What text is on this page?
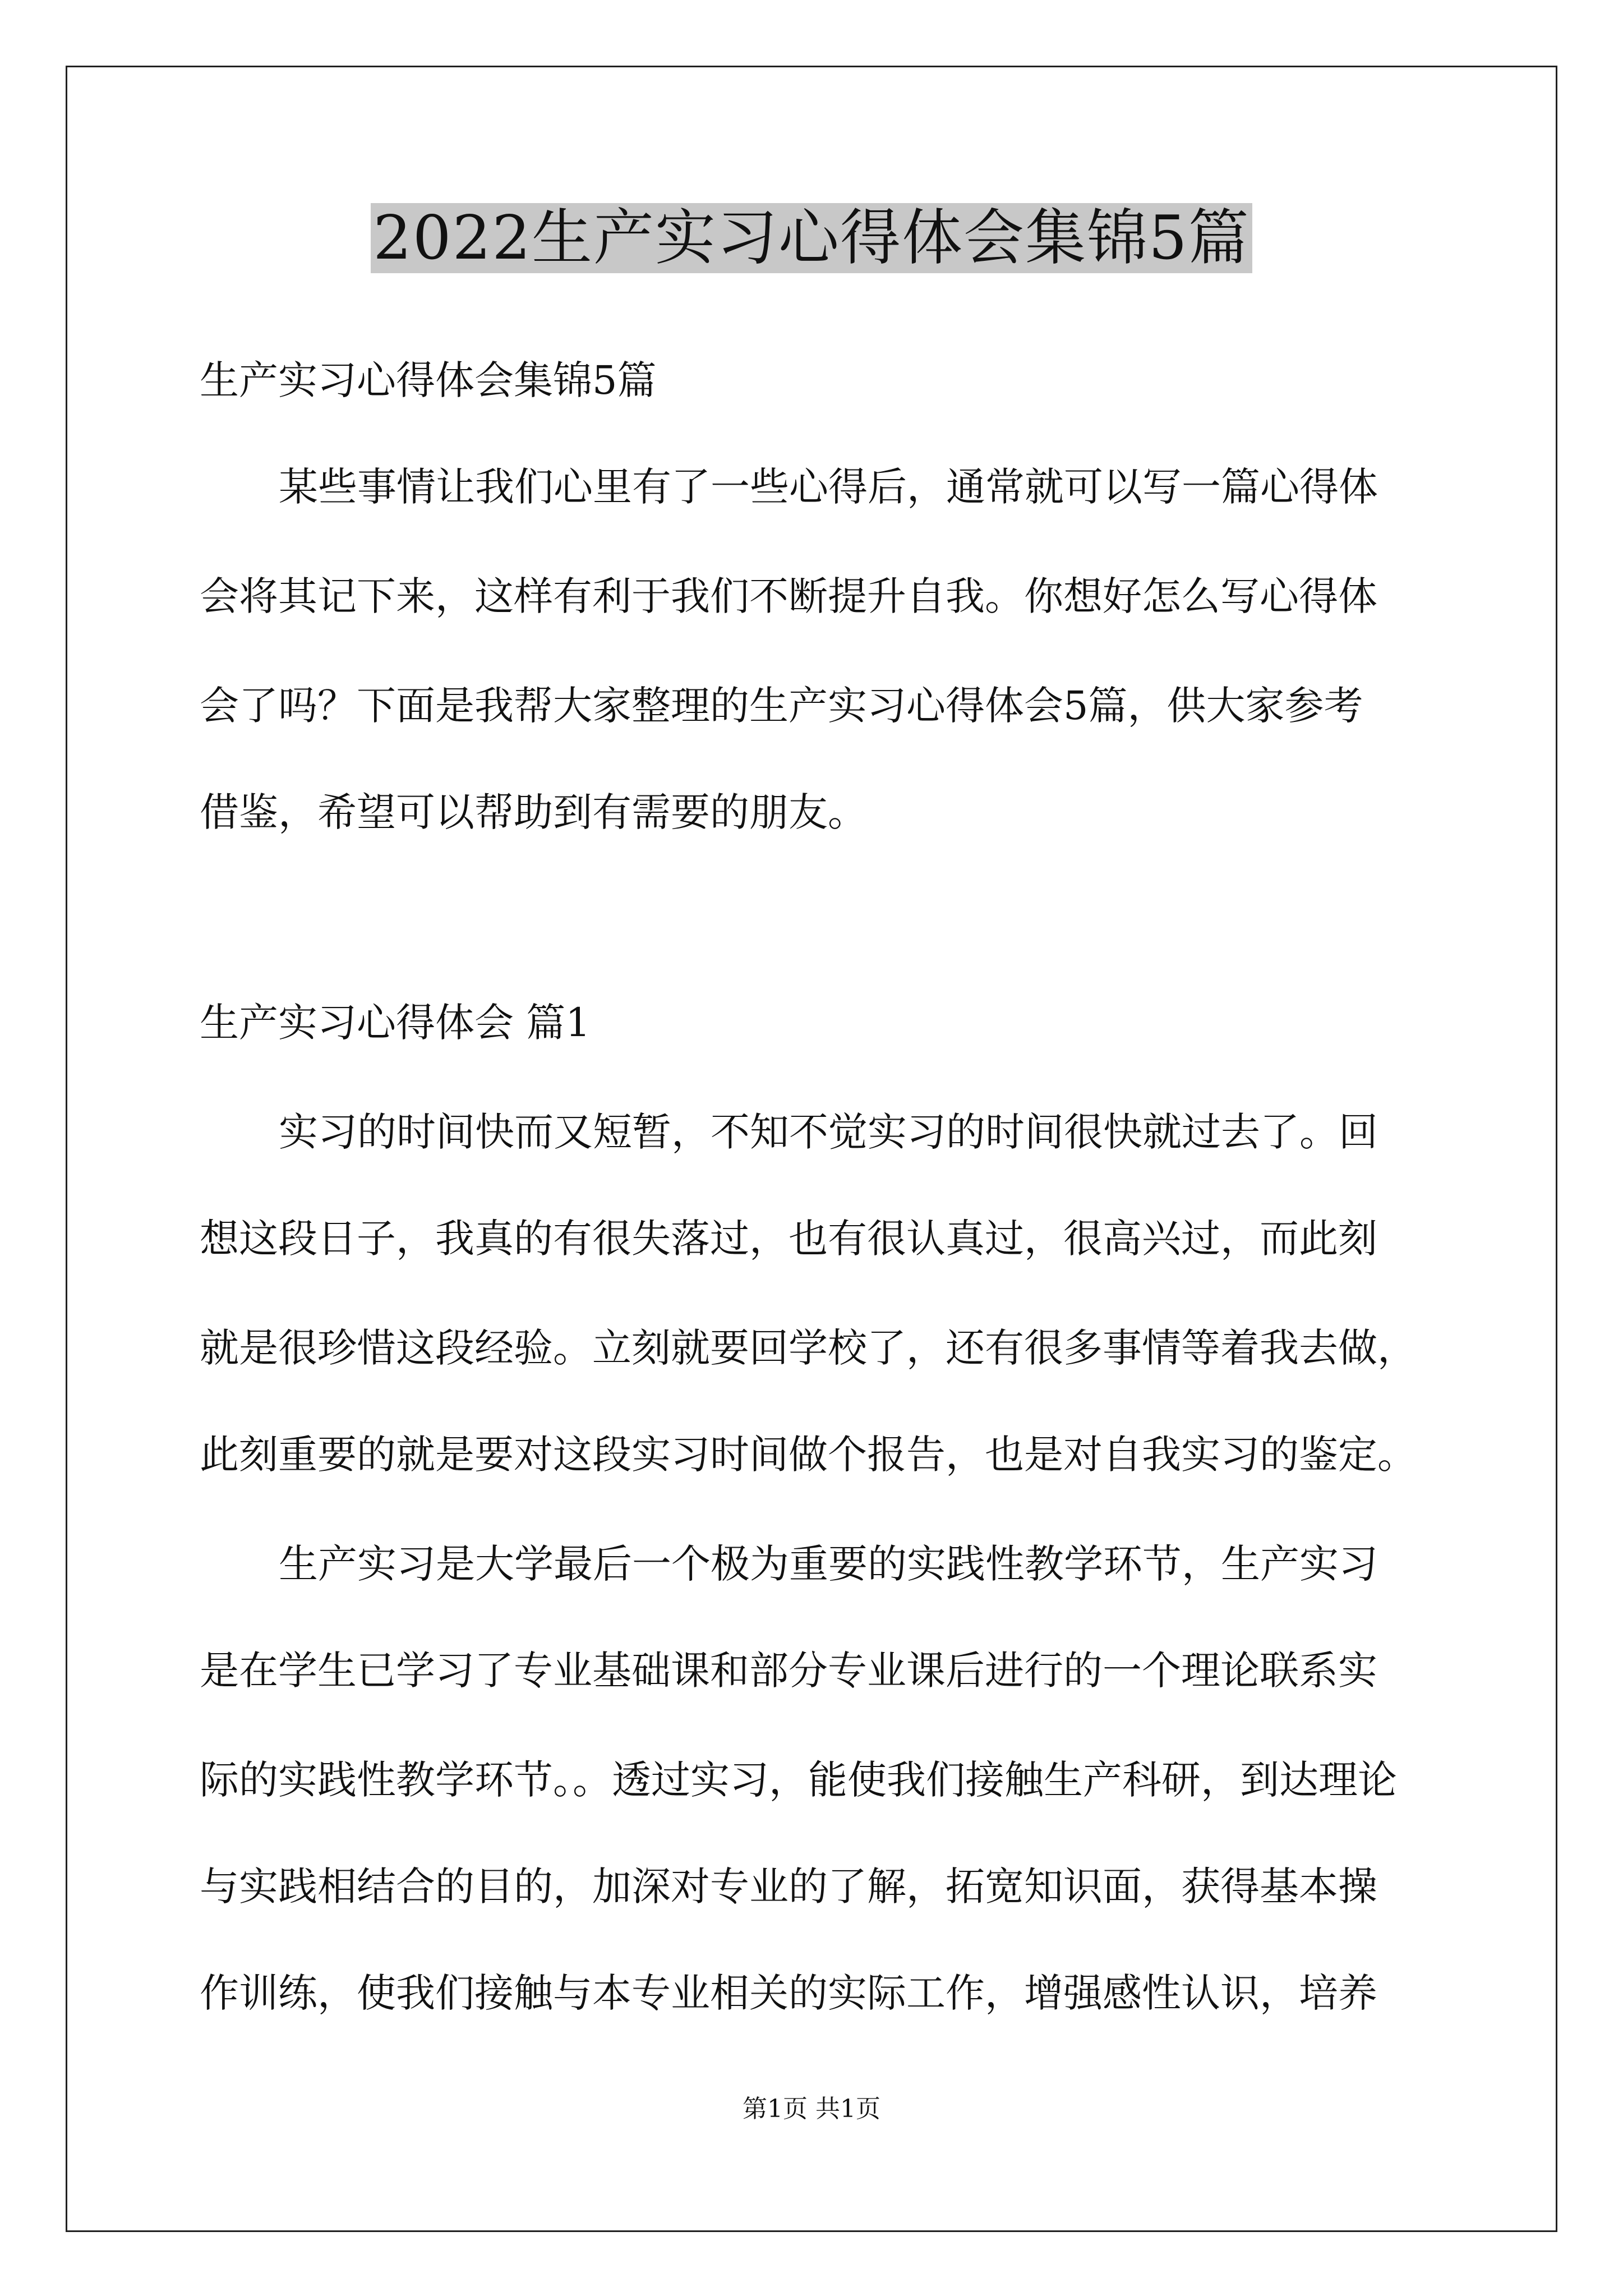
2022生产实习心得体会集锦5篇
生产实习心得体会集锦5篇
某些事情让我们心里有了一些心得后，通常就可以写一篇心得体
会将其记下来，这样有利于我们不断提升自我。你想好怎么写心得体
会了吗？下面是我帮大家整理的生产实习心得体会5篇，供大家参考
借鉴，希望可以帮助到有需要的朋友。
生产实习心得体会 篇1
实习的时间快而又短暂，不知不觉实习的时间很快就过去了。回
想这段日子，我真的有很失落过，也有很认真过，很高兴过，而此刻
就是很珍惜这段经验。立刻就要回学校了，还有很多事情等着我去做，
此刻重要的就是要对这段实习时间做个报告，也是对自我实习的鉴定。
生产实习是大学最后一个极为重要的实践性教学环节，生产实习
是在学生已学习了专业基础课和部分专业课后进行的一个理论联系实
际的实践性教学环节。。透过实习，能使我们接触生产科研，到达理论
与实践相结合的目的，加深对专业的了解，拓宽知识面，获得基本操
作训练，使我们接触与本专业相关的实际工作，增强感性认识，培养
第1页 共1页
